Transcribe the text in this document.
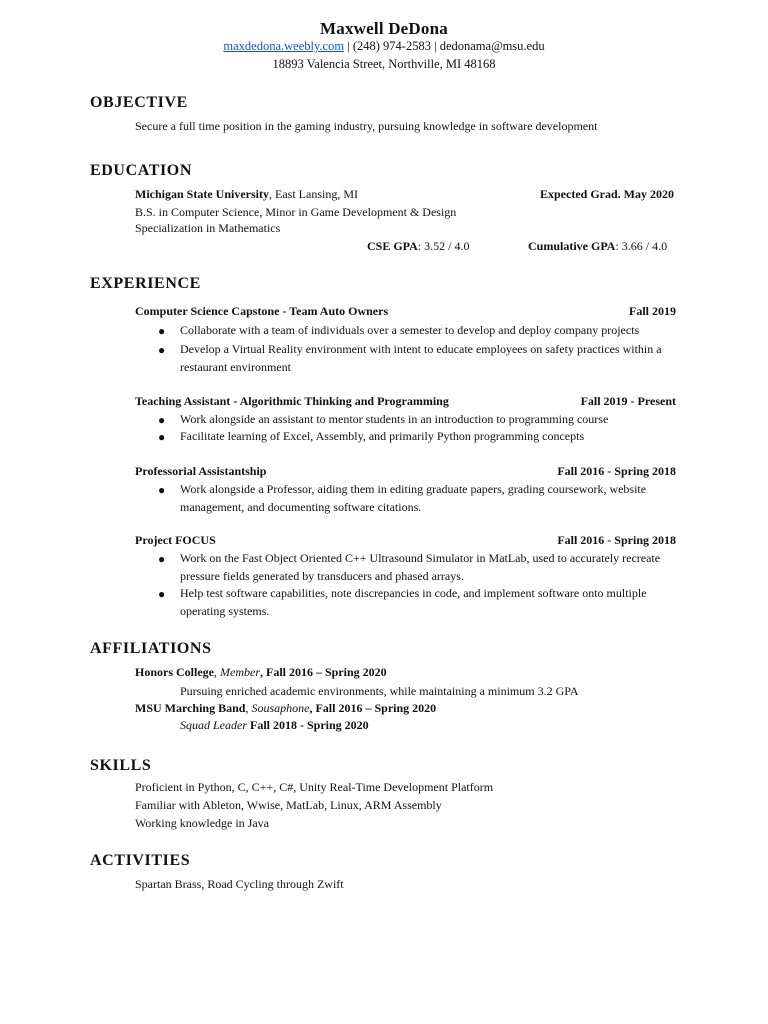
Maxwell DeDona
maxdedona.weebly.com | (248) 974-2583 | dedonama@msu.edu
18893 Valencia Street, Northville, MI 48168
OBJECTIVE
Secure a full time position in the gaming industry, pursuing knowledge in software development
EDUCATION
Michigan State University, East Lansing, MI	Expected Grad. May 2020
B.S. in Computer Science, Minor in Game Development & Design
Specialization in Mathematics
CSE GPA: 3.52 / 4.0	Cumulative GPA: 3.66 / 4.0
EXPERIENCE
Computer Science Capstone - Team Auto Owners	Fall 2019
● Collaborate with a team of individuals over a semester to develop and deploy company projects
● Develop a Virtual Reality environment with intent to educate employees on safety practices within a restaurant environment
Teaching Assistant - Algorithmic Thinking and Programming	Fall 2019 - Present
● Work alongside an assistant to mentor students in an introduction to programming course
● Facilitate learning of Excel, Assembly, and primarily Python programming concepts
Professorial Assistantship	Fall 2016 - Spring 2018
● Work alongside a Professor, aiding them in editing graduate papers, grading coursework, website management, and documenting software citations.
Project FOCUS	Fall 2016 - Spring 2018
● Work on the Fast Object Oriented C++ Ultrasound Simulator in MatLab, used to accurately recreate pressure fields generated by transducers and phased arrays.
● Help test software capabilities, note discrepancies in code, and implement software onto multiple operating systems.
AFFILIATIONS
Honors College, Member, Fall 2016 – Spring 2020
Pursuing enriched academic environments, while maintaining a minimum 3.2 GPA
MSU Marching Band, Sousaphone, Fall 2016 – Spring 2020
Squad Leader Fall 2018 - Spring 2020
SKILLS
Proficient in Python, C, C++, C#, Unity Real-Time Development Platform
Familiar with Ableton, Wwise, MatLab, Linux, ARM Assembly
Working knowledge in Java
ACTIVITIES
Spartan Brass, Road Cycling through Zwift
